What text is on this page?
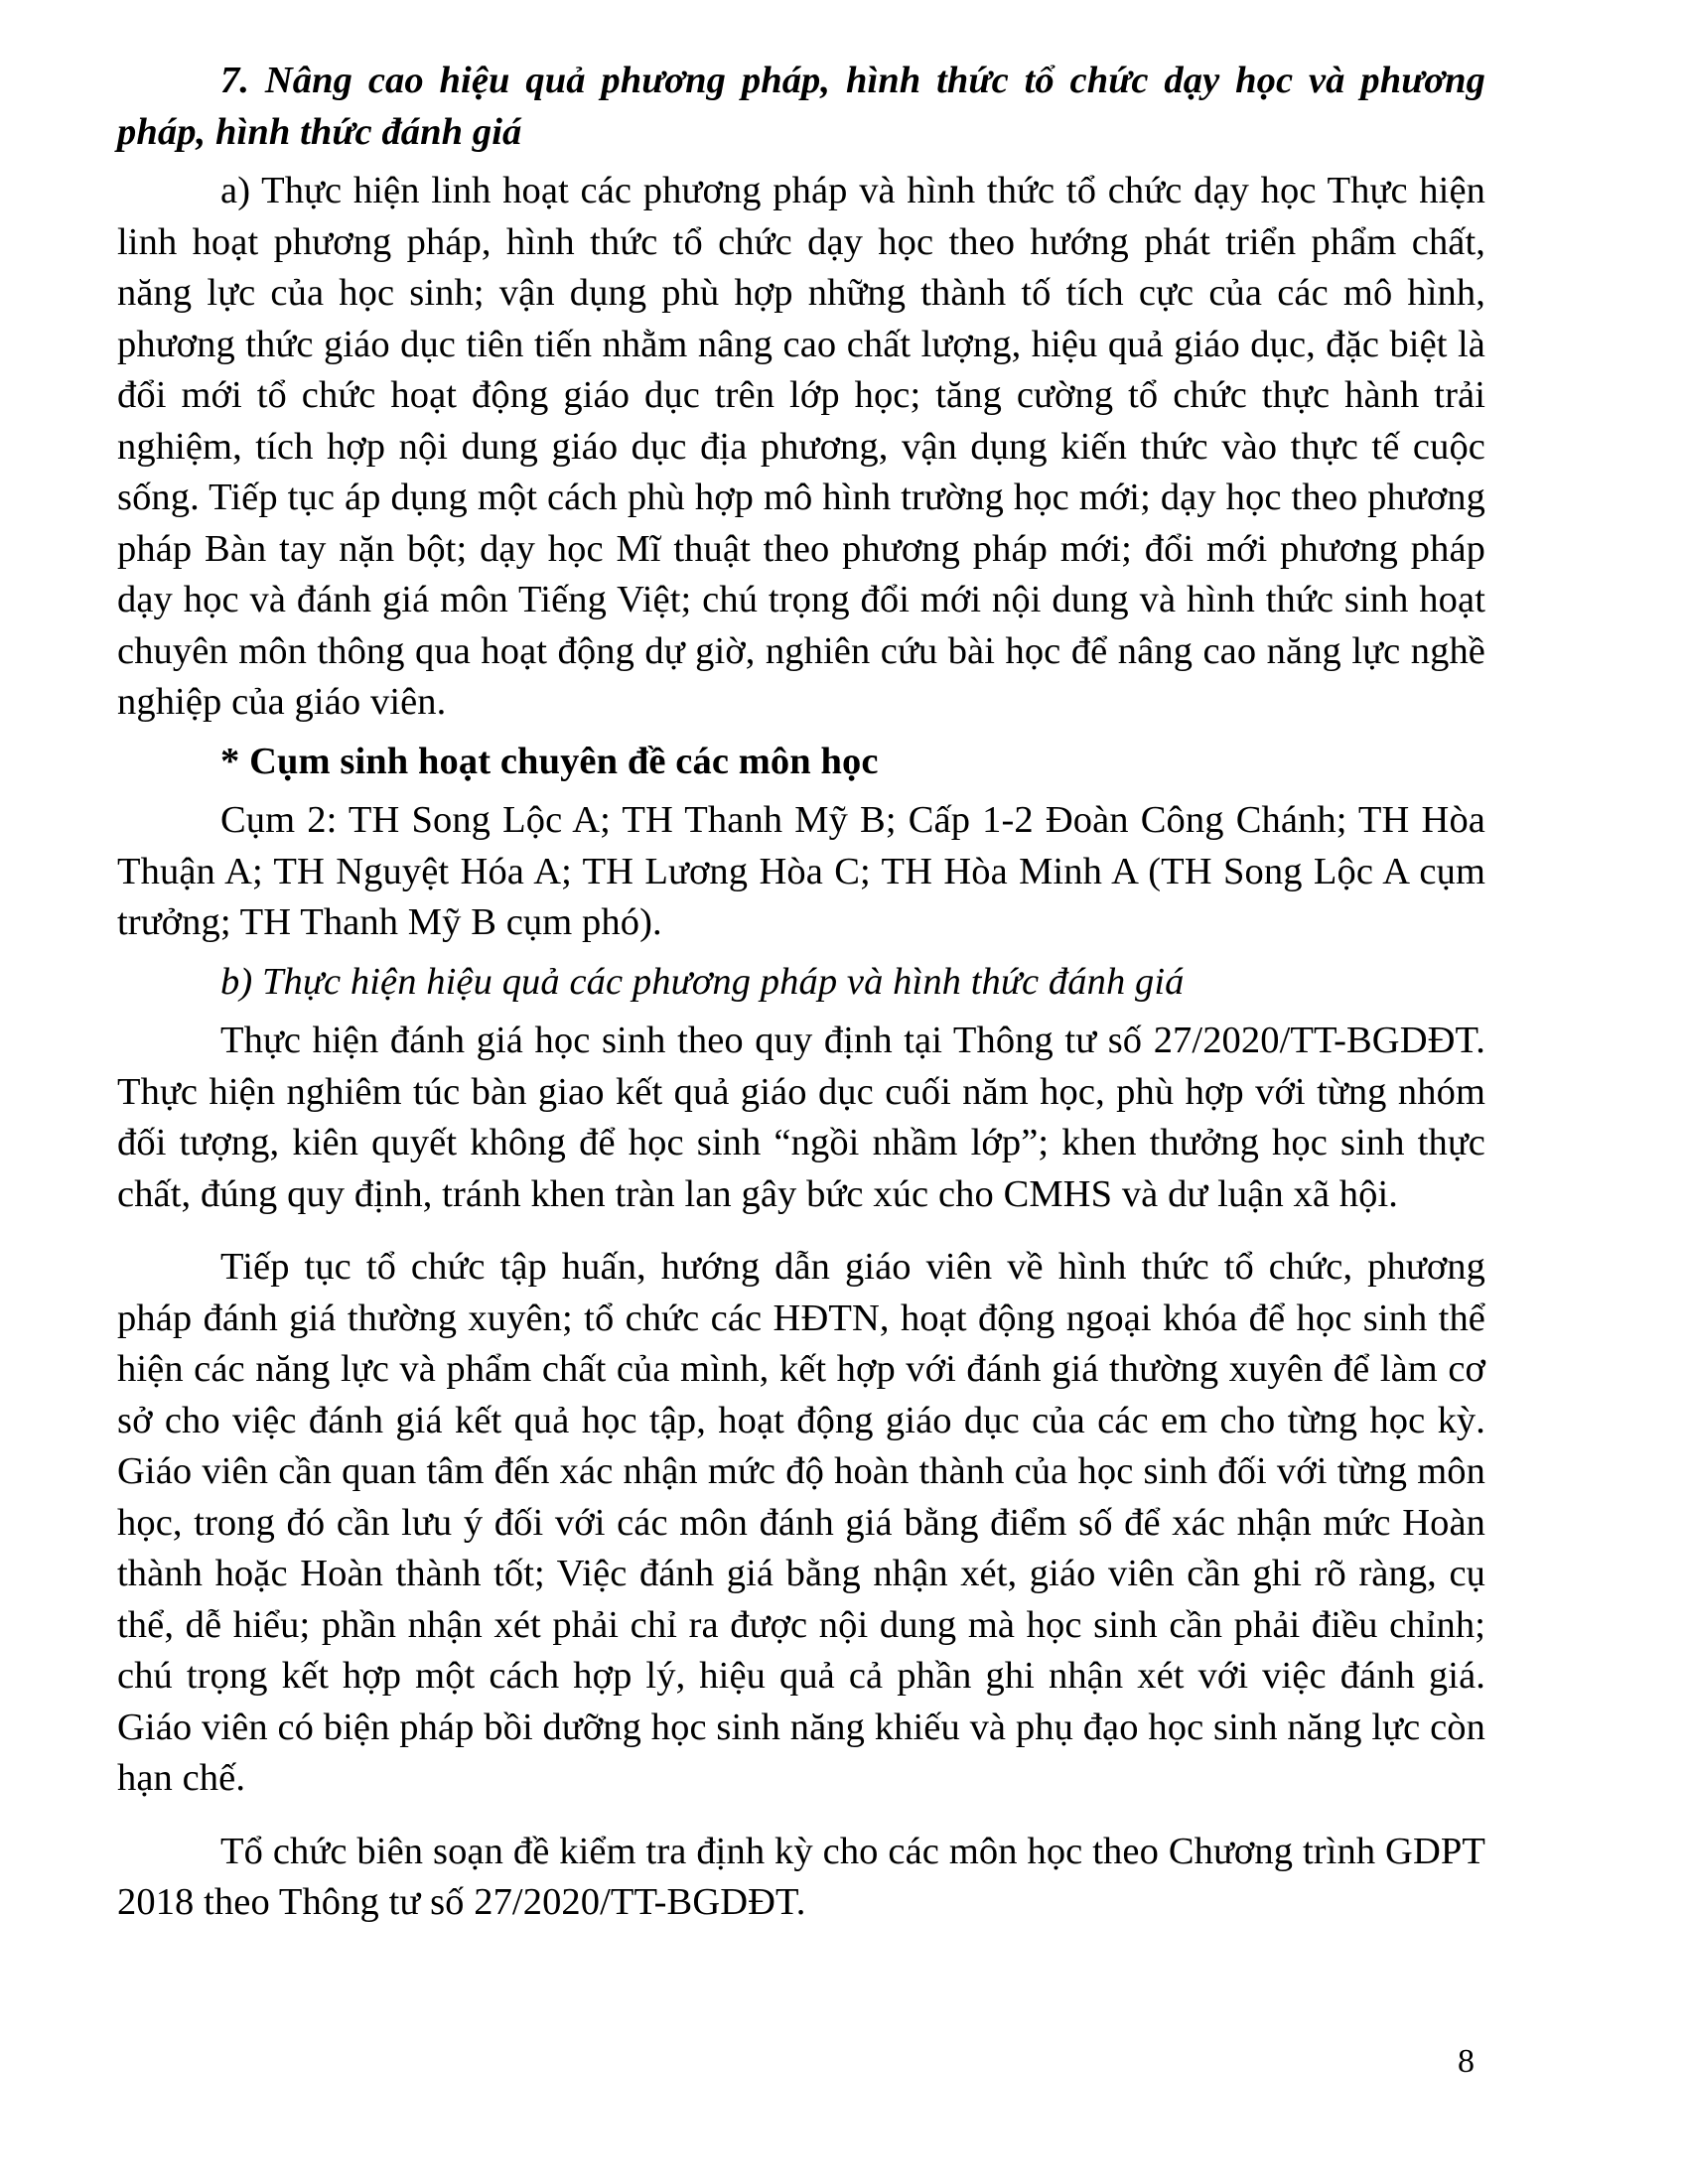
7. Nâng cao hiệu quả phương pháp, hình thức tổ chức dạy học và phương pháp, hình thức đánh giá

a) Thực hiện linh hoạt các phương pháp và hình thức tổ chức dạy học Thực hiện linh hoạt phương pháp, hình thức tổ chức dạy học theo hướng phát triển phẩm chất, năng lực của học sinh; vận dụng phù hợp những thành tố tích cực của các mô hình, phương thức giáo dục tiên tiến nhằm nâng cao chất lượng, hiệu quả giáo dục, đặc biệt là đổi mới tổ chức hoạt động giáo dục trên lớp học; tăng cường tổ chức thực hành trải nghiệm, tích hợp nội dung giáo dục địa phương, vận dụng kiến thức vào thực tế cuộc sống. Tiếp tục áp dụng một cách phù hợp mô hình trường học mới; dạy học theo phương pháp Bàn tay nặn bột; dạy học Mĩ thuật theo phương pháp mới; đổi mới phương pháp dạy học và đánh giá môn Tiếng Việt; chú trọng đổi mới nội dung và hình thức sinh hoạt chuyên môn thông qua hoạt động dự giờ, nghiên cứu bài học để nâng cao năng lực nghề nghiệp của giáo viên.

* Cụm sinh hoạt chuyên đề các môn học

Cụm 2: TH Song Lộc A; TH Thanh Mỹ B; Cấp 1-2 Đoàn Công Chánh; TH Hòa Thuận A; TH Nguyệt Hóa A; TH Lương Hòa C; TH Hòa Minh A (TH Song Lộc A cụm trưởng; TH Thanh Mỹ B cụm phó).

b) Thực hiện hiệu quả các phương pháp và hình thức đánh giá

Thực hiện đánh giá học sinh theo quy định tại Thông tư số 27/2020/TT-BGDĐT. Thực hiện nghiêm túc bàn giao kết quả giáo dục cuối năm học, phù hợp với từng nhóm đối tượng, kiên quyết không để học sinh “ngồi nhầm lớp”; khen thưởng học sinh thực chất, đúng quy định, tránh khen tràn lan gây bức xúc cho CMHS và dư luận xã hội.

Tiếp tục tổ chức tập huấn, hướng dẫn giáo viên về hình thức tổ chức, phương pháp đánh giá thường xuyên; tổ chức các HĐTN, hoạt động ngoại khóa để học sinh thể hiện các năng lực và phẩm chất của mình, kết hợp với đánh giá thường xuyên để làm cơ sở cho việc đánh giá kết quả học tập, hoạt động giáo dục của các em cho từng học kỳ. Giáo viên cần quan tâm đến xác nhận mức độ hoàn thành của học sinh đối với từng môn học, trong đó cần lưu ý đối với các môn đánh giá bằng điểm số để xác nhận mức Hoàn thành hoặc Hoàn thành tốt; Việc đánh giá bằng nhận xét, giáo viên cần ghi rõ ràng, cụ thể, dễ hiểu; phần nhận xét phải chỉ ra được nội dung mà học sinh cần phải điều chỉnh; chú trọng kết hợp một cách hợp lý, hiệu quả cả phần ghi nhận xét với việc đánh giá. Giáo viên có biện pháp bồi dưỡng học sinh năng khiếu và phụ đạo học sinh năng lực còn hạn chế.

Tổ chức biên soạn đề kiểm tra định kỳ cho các môn học theo Chương trình GDPT 2018 theo Thông tư số 27/2020/TT-BGDĐT.

8
